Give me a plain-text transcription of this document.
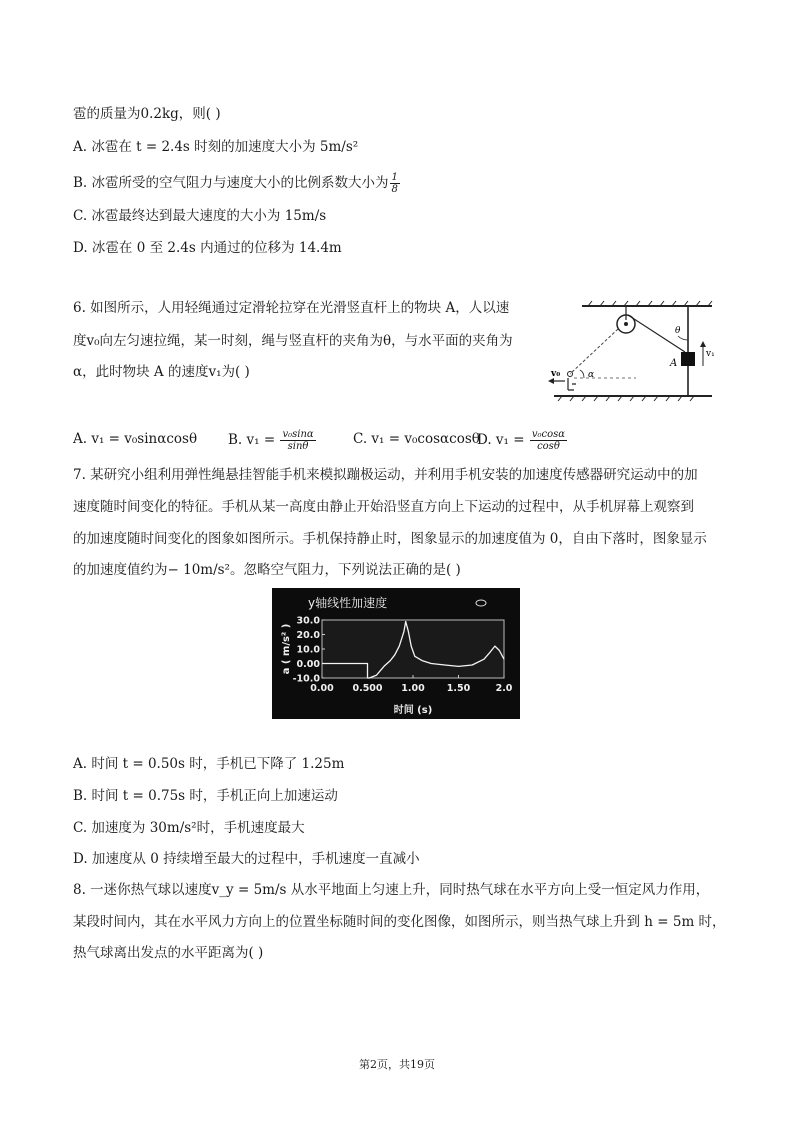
雹的质量为0.2kg，则( )
A. 冰雹在 t = 2.4s 时刻的加速度大小为 5m/s²
B. 冰雹所受的空气阻力与速度大小的比例系数大小为 $\frac{1}{8}$
C. 冰雹最终达到最大速度的大小为 15m/s
D. 冰雹在 0 至 2.4s 内通过的位移为 14.4m
6. 如图所示，人用轻绳通过定滑轮拉穿在光滑竖直杆上的物块 A，人以速
度v₀向左匀速拉绳，某一时刻，绳与竖直杆的夹角为θ，与水平面的夹角为
α，此时物块 A 的速度v₁为( )
A
θ
v₁
α
v₀
A. v₁ = v₀sinαcosθ B. $v_1 = \frac{\text{v₀sinα}}{\sin\theta}$	C. v₁ = v₀cosαcosθ
D. $v_1 = \frac{\text{v₀cosα}}{\cos\theta}$
7. 某研究小组利用弹性绳悬挂智能手机来模拟蹦极运动，并利用手机安装的加速度传感器研究运动中的加
速度随时间变化的特征。手机从某一高度由静止开始沿竖直方向上下运动的过程中，从手机屏幕上观察到
的加速度随时间变化的图象如图所示。手机保持静止时，图象显示的加速度值为 0，自由下落时，图象显示
的加速度值约为− 10m/s²。忽略空气阻力，下列说法正确的是( )
y轴线性加速度
30.0
20.0
10.0
0.00
-10.0
0.00 0.500 1.00 1.50	2.0
时间 (s)
a ( m/s² )
A. 时间 t = 0.50s 时，手机已下降了 1.25m
B. 时间 t = 0.75s 时，手机正向上加速运动
C. 加速度为 30m/s²时，手机速度最大
D. 加速度从 0 持续增至最大的过程中，手机速度一直减小
8. 一迷你热气球以速度v_y = 5m/s 从水平地面上匀速上升，同时热气球在水平方向上受一恒定风力作用，
某段时间内，其在水平风力方向上的位置坐标随时间的变化图像，如图所示，则当热气球上升到 h = 5m 时，
热气球离出发点的水平距离为( )
第2页，共19页
